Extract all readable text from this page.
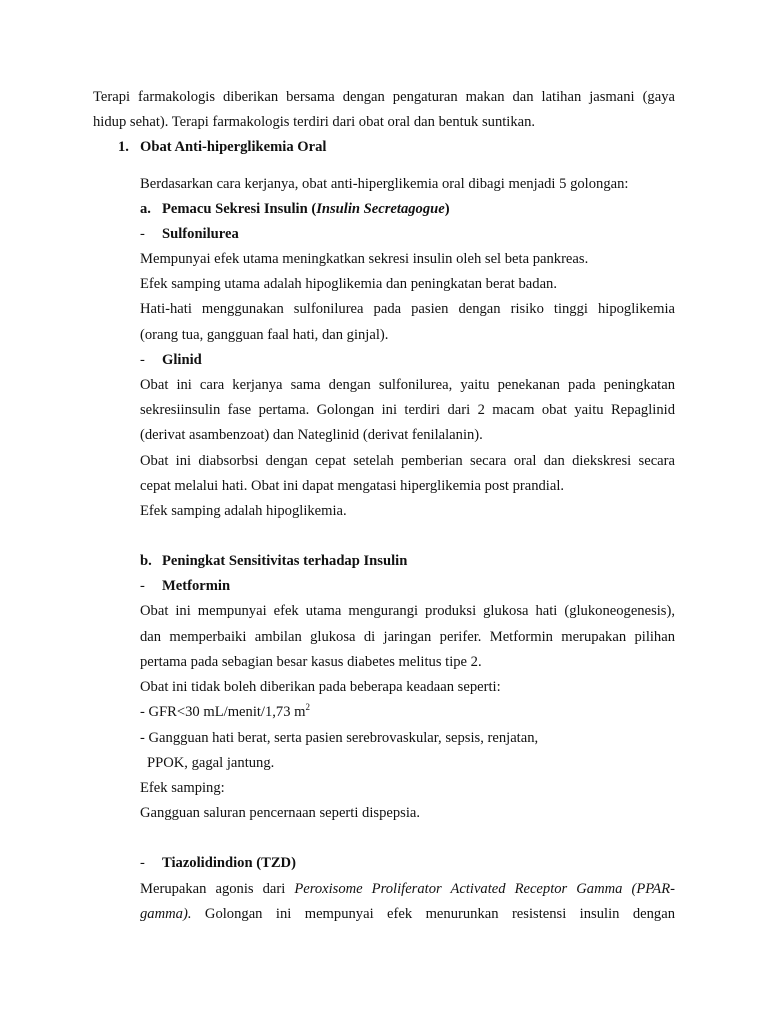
Terapi farmakologis diberikan bersama dengan pengaturan makan dan latihan jasmani (gaya
hidup sehat). Terapi farmakologis terdiri dari obat oral dan bentuk suntikan.
1. Obat Anti-hiperglikemia Oral
Berdasarkan cara kerjanya, obat anti-hiperglikemia oral dibagi menjadi 5 golongan:
a. Pemacu Sekresi Insulin (Insulin Secretagogue)
- Sulfonilurea
Mempunyai efek utama meningkatkan sekresi insulin oleh sel beta pankreas.
Efek samping utama adalah hipoglikemia dan peningkatan berat badan.
Hati-hati menggunakan sulfonilurea pada pasien dengan risiko tinggi hipoglikemia
(orang tua, gangguan faal hati, dan ginjal).
- Glinid
Obat ini cara kerjanya sama dengan sulfonilurea, yaitu penekanan pada peningkatan
sekresiinsulin fase pertama. Golongan ini terdiri dari 2 macam obat yaitu Repaglinid
(derivat asambenzoat) dan Nateglinid (derivat fenilalanin).
Obat ini diabsorbsi dengan cepat setelah pemberian secara oral dan diekskresi secara
cepat melalui hati. Obat ini dapat mengatasi hiperglikemia post prandial.
Efek samping adalah hipoglikemia.
b. Peningkat Sensitivitas terhadap Insulin
- Metformin
Obat ini mempunyai efek utama mengurangi produksi glukosa hati (glukoneogenesis),
dan memperbaiki ambilan glukosa di jaringan perifer. Metformin merupakan pilihan
pertama pada sebagian besar kasus diabetes melitus tipe 2.
Obat ini tidak boleh diberikan pada beberapa keadaan seperti:
- GFR<30 mL/menit/1,73 $m^2$
- Gangguan hati berat, serta pasien serebrovaskular, sepsis, renjatan,
PPOK, gagal jantung.
Efek samping:
Gangguan saluran pencernaan seperti dispepsia.
- Tiazolidindion (TZD)
Merupakan agonis dari Peroxisome Proliferator Activated Receptor Gamma (PPAR-
gamma). Golongan ini mempunyai efek menurunkan resistensi insulin dengan
